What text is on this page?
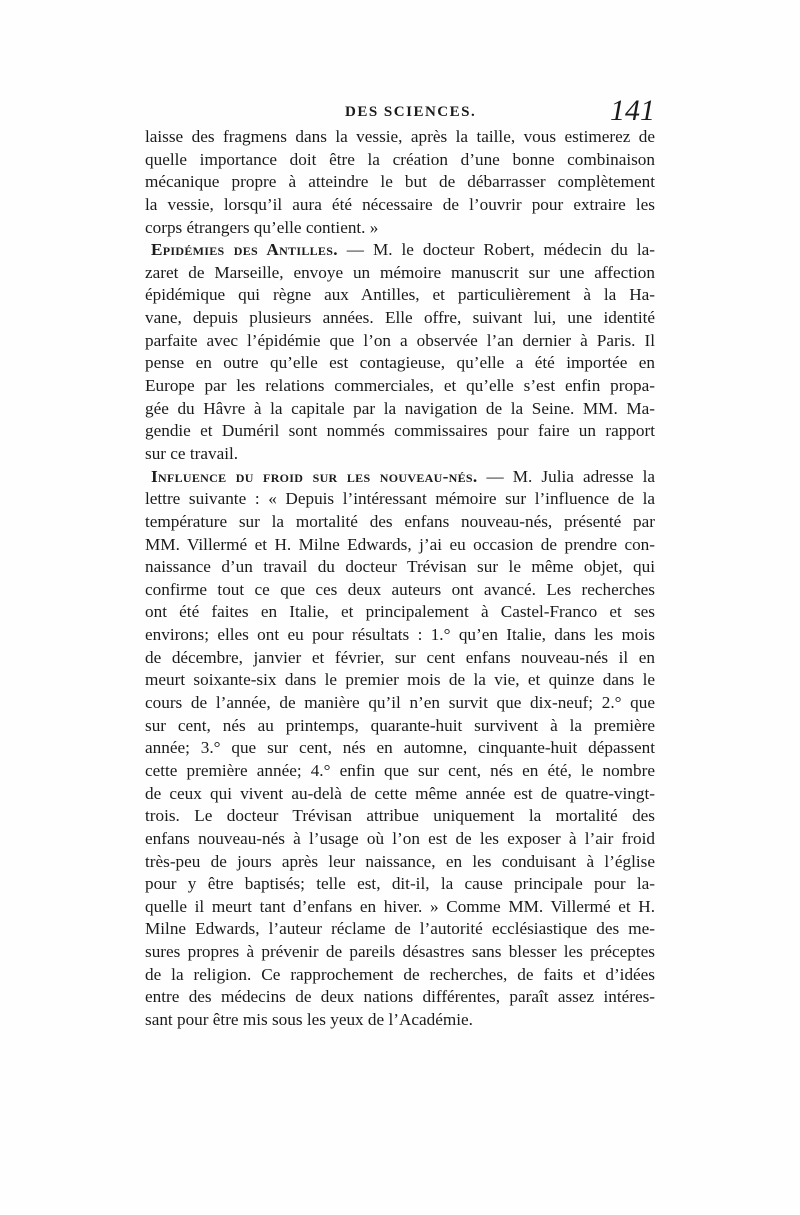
DES SCIENCES.	141
laisse des fragmens dans la vessie, après la taille, vous estimerez de
quelle importance doit être la création d’une bonne combinaison
mécanique propre à atteindre le but de débarrasser complètement
la vessie, lorsqu’il aura été nécessaire de l’ouvrir pour extraire les
corps étrangers qu’elle contient. »
Epidémies des Antilles. — M. le docteur Robert, médecin du la-
zaret de Marseille, envoye un mémoire manuscrit sur une affection
épidémique qui règne aux Antilles, et particulièrement à la Ha-
vane, depuis plusieurs années. Elle offre, suivant lui, une identité
parfaite avec l’épidémie que l’on a observée l’an dernier à Paris. Il
pense en outre qu’elle est contagieuse, qu’elle a été importée en
Europe par les relations commerciales, et qu’elle s’est enfin propa-
gée du Hâvre à la capitale par la navigation de la Seine. MM. Ma-
gendie et Duméril sont nommés commissaires pour faire un rapport
sur ce travail.
Influence du froid sur les nouveau-nés. — M. Julia adresse la
lettre suivante : « Depuis l’intéressant mémoire sur l’influence de la
température sur la mortalité des enfans nouveau-nés, présenté par
MM. Villermé et H. Milne Edwards, j’ai eu occasion de prendre con-
naissance d’un travail du docteur Trévisan sur le même objet, qui
confirme tout ce que ces deux auteurs ont avancé. Les recherches
ont été faites en Italie, et principalement à Castel-Franco et ses
environs; elles ont eu pour résultats : 1.° qu’en Italie, dans les mois
de décembre, janvier et février, sur cent enfans nouveau-nés il en
meurt soixante-six dans le premier mois de la vie, et quinze dans le
cours de l’année, de manière qu’il n’en survit que dix-neuf; 2.° que
sur cent, nés au printemps, quarante-huit survivent à la première
année; 3.° que sur cent, nés en automne, cinquante-huit dépassent
cette première année; 4.° enfin que sur cent, nés en été, le nombre
de ceux qui vivent au-delà de cette même année est de quatre-vingt-
trois. Le docteur Trévisan attribue uniquement la mortalité des
enfans nouveau-nés à l’usage où l’on est de les exposer à l’air froid
très-peu de jours après leur naissance, en les conduisant à l’église
pour y être baptisés; telle est, dit-il, la cause principale pour la-
quelle il meurt tant d’enfans en hiver. » Comme MM. Villermé et H.
Milne Edwards, l’auteur réclame de l’autorité ecclésiastique des me-
sures propres à prévenir de pareils désastres sans blesser les préceptes
de la religion. Ce rapprochement de recherches, de faits et d’idées
entre des médecins de deux nations différentes, paraît assez intéres-
sant pour être mis sous les yeux de l’Académie.
